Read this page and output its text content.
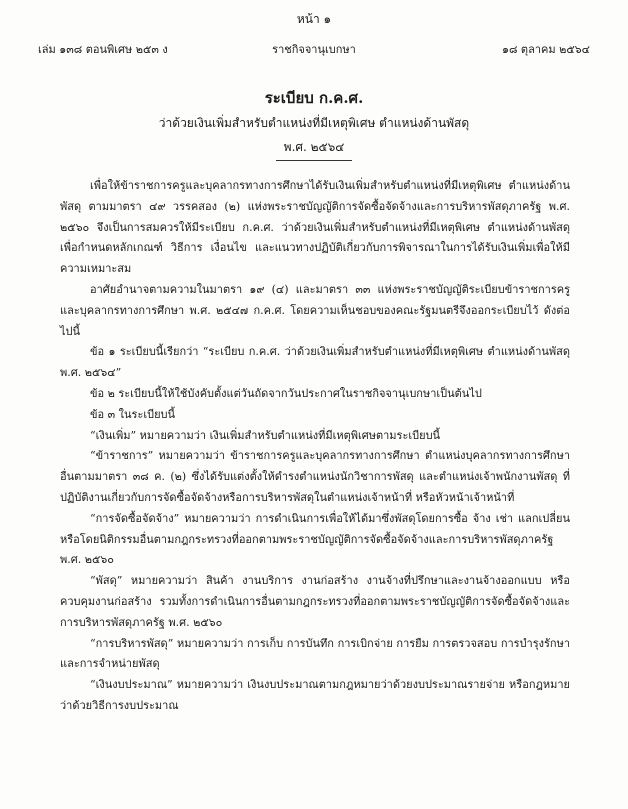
หน้า ๑
เล่ม ๑๓๘ ตอนพิเศษ ๒๕๓ ง	ราชกิจจานุเบกษา	๑๘ ตุลาคม ๒๕๖๔
ระเบียบ ก.ค.ศ.
ว่าด้วยเงินเพิ่มสำหรับตำแหน่งที่มีเหตุพิเศษ ตำแหน่งด้านพัสดุ
พ.ศ. ๒๕๖๔

เพื่อให้ข้าราชการครูและบุคลากรทางการศึกษาได้รับเงินเพิ่มสำหรับตำแหน่งที่มีเหตุพิเศษ ตำแหน่งด้านพัสดุ ตามมาตรา ๔๙ วรรคสอง (๒) แห่งพระราชบัญญัติการจัดซื้อจัดจ้างและการบริหารพัสดุภาครัฐ พ.ศ. ๒๕๖๐ จึงเป็นการสมควรให้มีระเบียบ ก.ค.ศ. ว่าด้วยเงินเพิ่มสำหรับตำแหน่งที่มีเหตุพิเศษ ตำแหน่งด้านพัสดุ เพื่อกำหนดหลักเกณฑ์ วิธีการ เงื่อนไข และแนวทางปฏิบัติเกี่ยวกับการพิจารณาในการได้รับเงินเพิ่มเพื่อให้มีความเหมาะสม

อาศัยอำนาจตามความในมาตรา ๑๙ (๔) และมาตรา ๓๓ แห่งพระราชบัญญัติระเบียบข้าราชการครูและบุคลากรทางการศึกษา พ.ศ. ๒๕๔๗ ก.ค.ศ. โดยความเห็นชอบของคณะรัฐมนตรีจึงออกระเบียบไว้ ดังต่อไปนี้

ข้อ ๑ ระเบียบนี้เรียกว่า “ระเบียบ ก.ค.ศ. ว่าด้วยเงินเพิ่มสำหรับตำแหน่งที่มีเหตุพิเศษ ตำแหน่งด้านพัสดุ พ.ศ. ๒๕๖๔”

ข้อ ๒ ระเบียบนี้ให้ใช้บังคับตั้งแต่วันถัดจากวันประกาศในราชกิจจานุเบกษาเป็นต้นไป

ข้อ ๓ ในระเบียบนี้

“เงินเพิ่ม” หมายความว่า เงินเพิ่มสำหรับตำแหน่งที่มีเหตุพิเศษตามระเบียบนี้

“ข้าราชการ” หมายความว่า ข้าราชการครูและบุคลากรทางการศึกษา ตำแหน่งบุคลากรทางการศึกษาอื่นตามมาตรา ๓๘ ค. (๒) ซึ่งได้รับแต่งตั้งให้ดำรงตำแหน่งนักวิชาการพัสดุ และตำแหน่งเจ้าพนักงานพัสดุ ที่ปฏิบัติงานเกี่ยวกับการจัดซื้อจัดจ้างหรือการบริหารพัสดุในตำแหน่งเจ้าหน้าที่ หรือหัวหน้าเจ้าหน้าที่

“การจัดซื้อจัดจ้าง” หมายความว่า การดำเนินการเพื่อให้ได้มาซึ่งพัสดุโดยการซื้อ จ้าง เช่า แลกเปลี่ยน หรือโดยนิติกรรมอื่นตามกฎกระทรวงที่ออกตามพระราชบัญญัติการจัดซื้อจัดจ้างและการบริหารพัสดุภาครัฐ พ.ศ. ๒๕๖๐

“พัสดุ” หมายความว่า สินค้า งานบริการ งานก่อสร้าง งานจ้างที่ปรึกษาและงานจ้างออกแบบ หรือควบคุมงานก่อสร้าง รวมทั้งการดำเนินการอื่นตามกฎกระทรวงที่ออกตามพระราชบัญญัติการจัดซื้อจัดจ้างและการบริหารพัสดุภาครัฐ พ.ศ. ๒๕๖๐

“การบริหารพัสดุ” หมายความว่า การเก็บ การบันทึก การเบิกจ่าย การยืม การตรวจสอบ การบำรุงรักษา และการจำหน่ายพัสดุ

“เงินงบประมาณ” หมายความว่า เงินงบประมาณตามกฎหมายว่าด้วยงบประมาณรายจ่าย หรือกฎหมายว่าด้วยวิธีการงบประมาณ
